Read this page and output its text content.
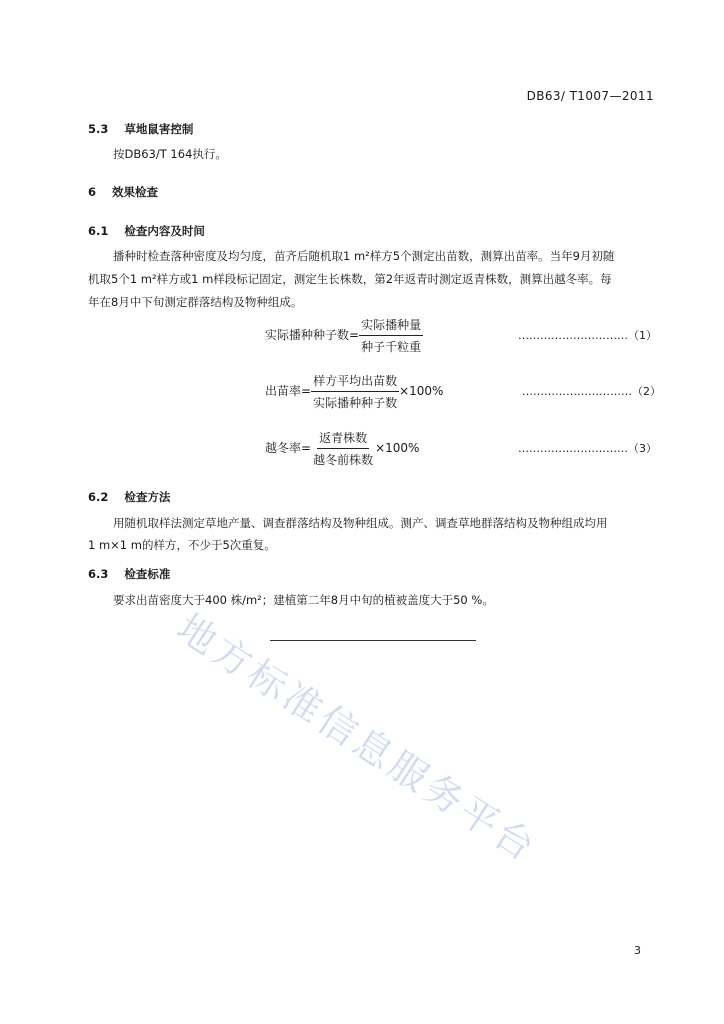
DB63/ T1007—2011
5.3 草地鼠害控制
按DB63/T 164执行。
6 效果检查
6.1 检查内容及时间
播种时检查落种密度及均匀度，苗齐后随机取1 m²样方5个测定出苗数，测算出苗率。当年9月初随
机取5个1 m²样方或1 m样段标记固定，测定生长株数，第2年返青时测定返青株数，测算出越冬率。每
年在8月中下旬测定群落结构及物种组成。
实际播种种子数= $\frac{\text{实际播种量}}{\text{种子千粒重}}$	…………………………（1）
出苗率= $\frac{\text{样方平均出苗数}}{\text{实际播种种子数}} \times 100\%$	…………………………（2）
越冬率= $\frac{\text{返青株数}}{\text{越冬前株数}} \times 100\%$	…………………………（3）
6.2 检查方法
用随机取样法测定草地产量、调查群落结构及物种组成。测产、调查草地群落结构及物种组成均用
1 m×1 m的样方，不少于5次重复。
6.3 检查标准
要求出苗密度大于400 株/m²；建植第二年8月中旬的植被盖度大于50 %。
地方标准信息服务平台
3
